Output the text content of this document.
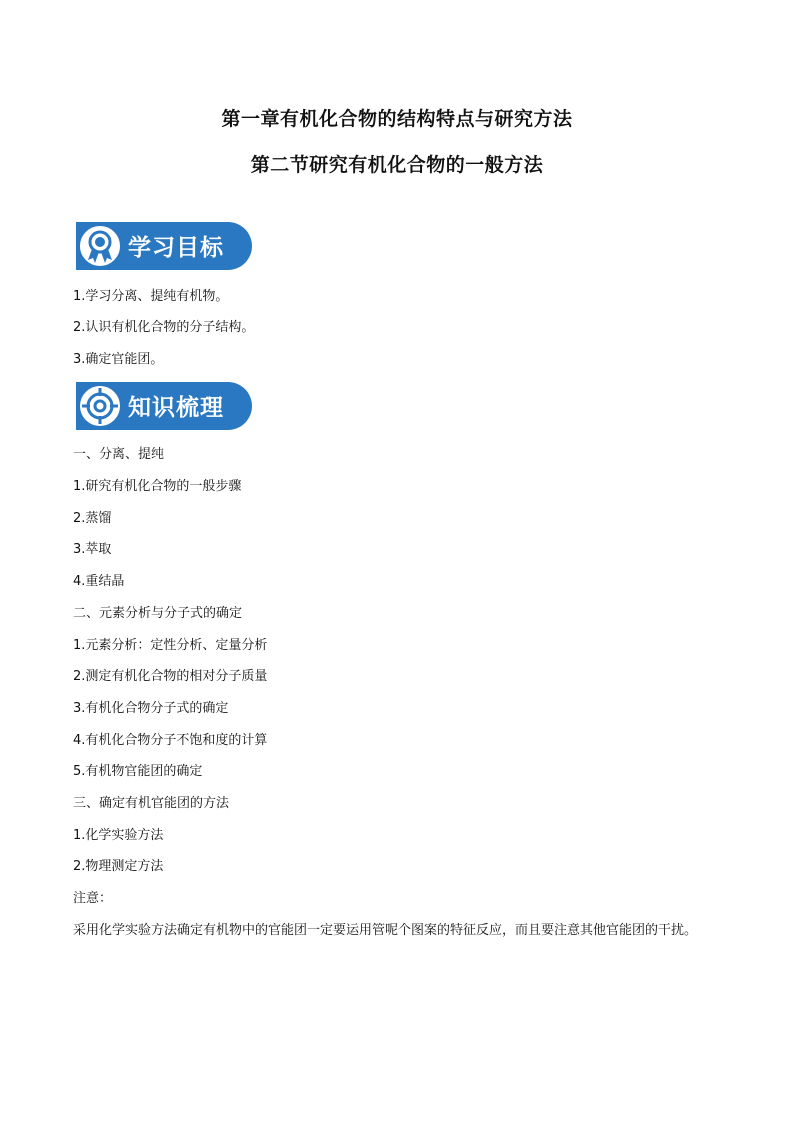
第一章有机化合物的结构特点与研究方法
第二节研究有机化合物的一般方法
学习目标
1.学习分离、提纯有机物。
2.认识有机化合物的分子结构。
3.确定官能团。
知识梳理
一、分离、提纯
1.研究有机化合物的一般步骤
2.蒸馏
3.萃取
4.重结晶
二、元素分析与分子式的确定
1.元素分析：定性分析、定量分析
2.测定有机化合物的相对分子质量
3.有机化合物分子式的确定
4.有机化合物分子不饱和度的计算
5.有机物官能团的确定
三、确定有机官能团的方法
1.化学实验方法
2.物理测定方法
注意：
采用化学实验方法确定有机物中的官能团一定要运用管呢个图案的特征反应，而且要注意其他官能团的干扰。
